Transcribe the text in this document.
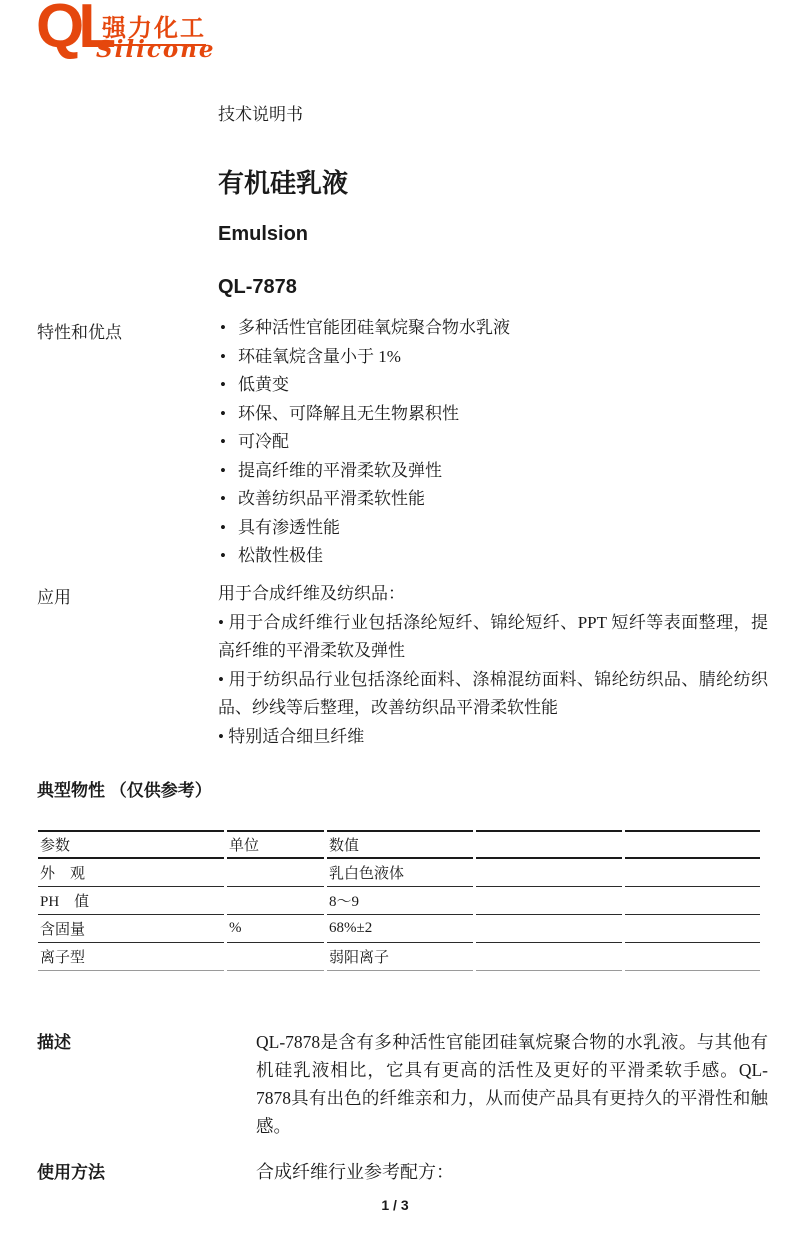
QL
强力化工
Silicone
技术说明书
有机硅乳液
Emulsion
QL-7878
特性和优点	• 多种活性官能团硅氧烷聚合物水乳液
• 环硅氧烷含量小于 1%
• 低黄变
• 环保、可降解且无生物累积性
• 可冷配
• 提高纤维的平滑柔软及弹性
• 改善纺织品平滑柔软性能
• 具有渗透性能
• 松散性极佳
应用	用于合成纤维及纺织品：

• 用于合成纤维行业包括涤纶短纤、锦纶短纤、PPT 短纤等表面整理，提高纤维的平滑柔软及弹性

• 用于纺织品行业包括涤纶面料、涤棉混纺面料、锦纶纺织品、腈纶纺织品、纱线等后整理，改善纺织品平滑柔软性能

• 特别适合细旦纤维

典型物性 （仅供参考）
参数	单位	数值		
外　观		乳白色液体		
PH　值		8～9		
含固量	%	68%±2		
离子型		弱阳离子		
描述	QL-7878是含有多种活性官能团硅氧烷聚合物的水乳液。与其他有机硅乳液相比，它具有更高的活性及更好的平滑柔软手感。QL-7878具有出色的纤维亲和力，从而使产品具有更持久的平滑性和触感。
使用方法	合成纤维行业参考配方：
1 / 3
